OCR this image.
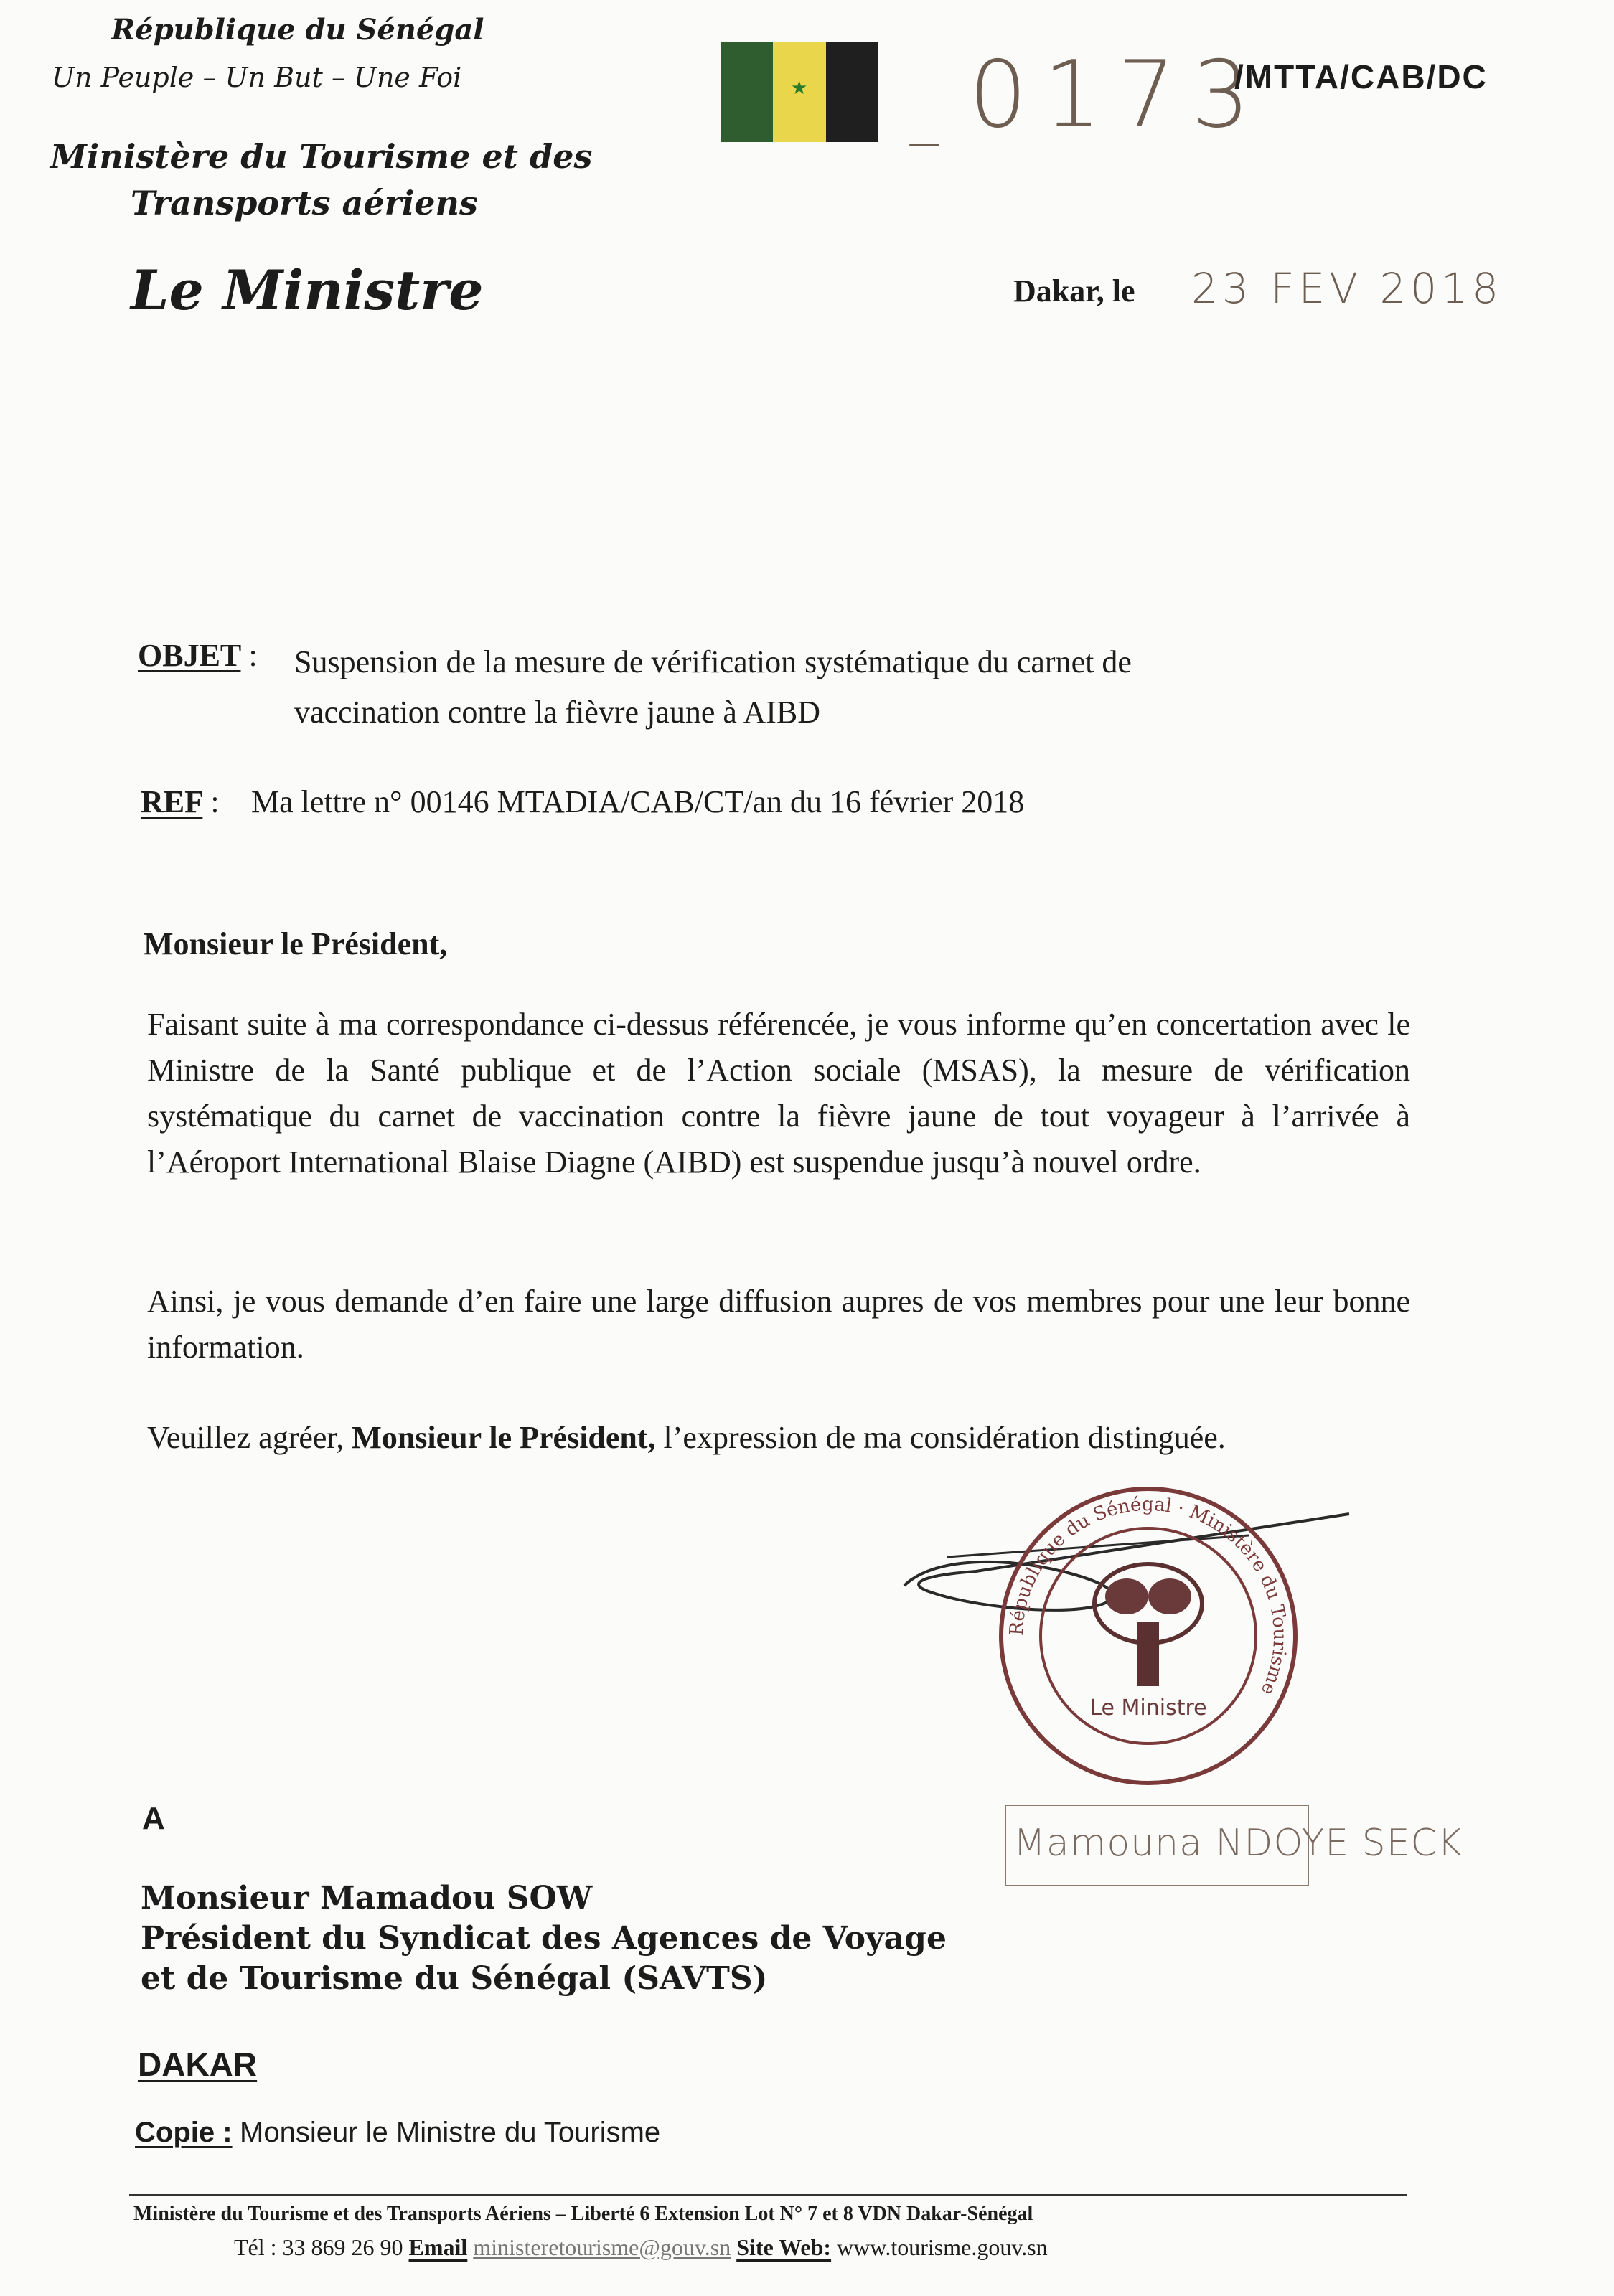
République du Sénégal
Un Peuple – Un But – Une Foi
Ministère du Tourisme et des
Transports aériens
Le Ministre
★ _ 0173
/MTTA/CAB/DC
Dakar, le 23 FEV 2018
OBJET : Suspension de la mesure de vérification systématique du carnet de vaccination contre la fièvre jaune à AIBD
REF : Ma lettre n° 00146 MTADIA/CAB/CT/an du 16 février 2018
Monsieur le Président,
Faisant suite à ma correspondance ci-dessus référencée, je vous informe qu’en concertation avec le Ministre de la Santé publique et de l’Action sociale (MSAS), la mesure de vérification systématique du carnet de vaccination contre la fièvre jaune de tout voyageur à l’arrivée à l’Aéroport International Blaise Diagne (AIBD) est suspendue jusqu’à nouvel ordre.
Ainsi, je vous demande d’en faire une large diffusion aupres de vos membres pour une leur bonne information.
Veuillez agréer, Monsieur le Président, l’expression de ma considération distinguée.
République du Sénégal · Ministère du Tourisme
Le Ministre
Mamouna NDOYE SECK
A
Monsieur Mamadou SOW
Président du Syndicat des Agences de Voyage
et de Tourisme du Sénégal (SAVTS)
DAKAR
Copie : Monsieur le Ministre du Tourisme
Ministère du Tourisme et des Transports Aériens – Liberté 6 Extension Lot N° 7 et 8 VDN Dakar-Sénégal
Tél : 33 869 26 90 Email ministeretourisme@gouv.sn Site Web: www.tourisme.gouv.sn
